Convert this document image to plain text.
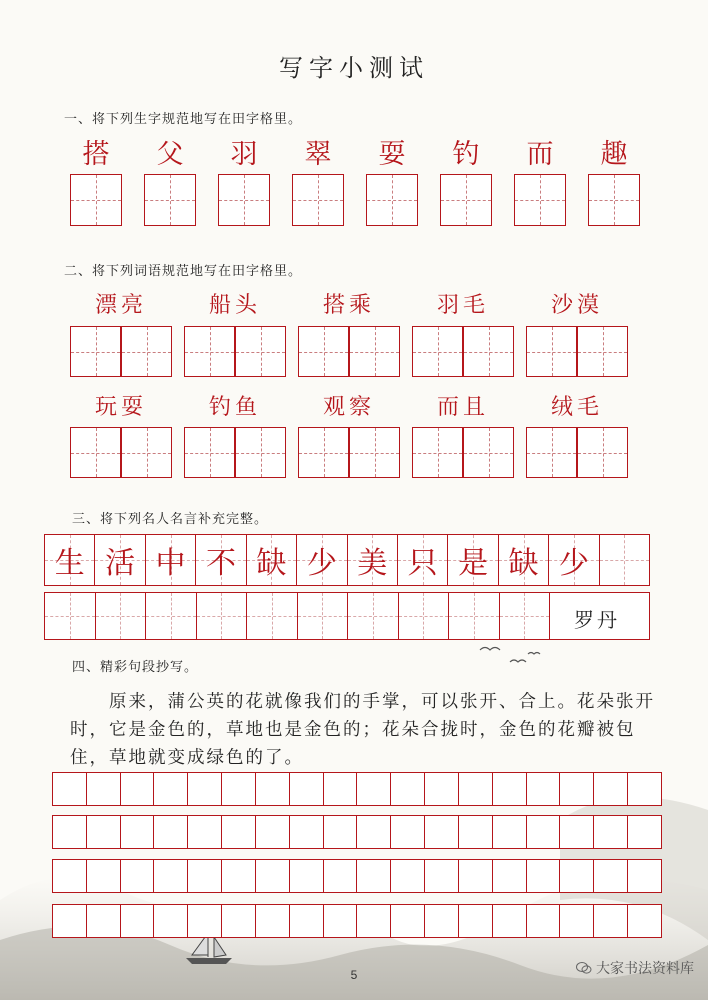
写字小测试
一、将下列生字规范地写在田字格里。
搭	父	羽	翠	耍	钓	而	趣
二、将下列词语规范地写在田字格里。
漂亮	船头	搭乘	羽毛	沙漠
玩耍	钓鱼	观察	而且	绒毛
三、将下列名人名言补充完整。
生 活 中 不 缺 少 美 只 是 缺 少
罗丹
四、精彩句段抄写。
　　原来，蒲公英的花就像我们的手掌，可以张开、合上。花朵张开时，它是金色的，草地也是金色的；花朵合拢时，金色的花瓣被包住，草地就变成绿色的了。
5	大家书法资料库
